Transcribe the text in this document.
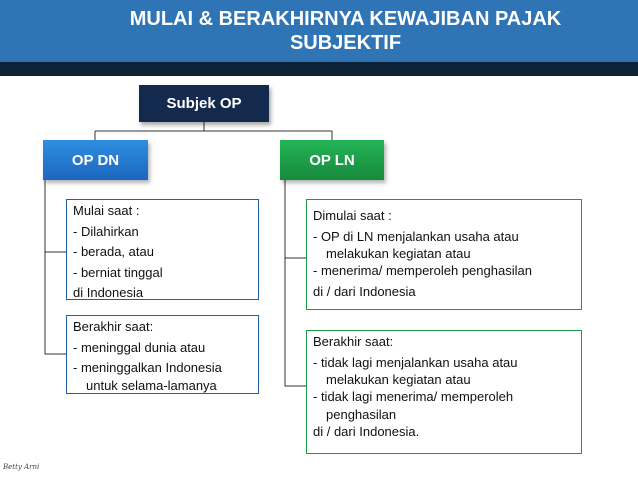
MULAI & BERAKHIRNYA KEWAJIBAN PAJAK
SUBJEKTIF
Subjek OP
OP DN	OP LN
Mulai saat :
- Dilahirkan
- berada, atau
- berniat tinggal
di Indonesia
Berakhir saat:
- meninggal dunia atau
- meninggalkan Indonesia
untuk selama-lamanya
Dimulai saat :
- OP di LN menjalankan usaha atau
melakukan kegiatan atau
- menerima/ memperoleh penghasilan
di / dari Indonesia
Berakhir saat:
- tidak lagi menjalankan usaha atau
melakukan kegiatan atau
- tidak lagi menerima/ memperoleh
penghasilan
di / dari Indonesia.
Betty Arni
